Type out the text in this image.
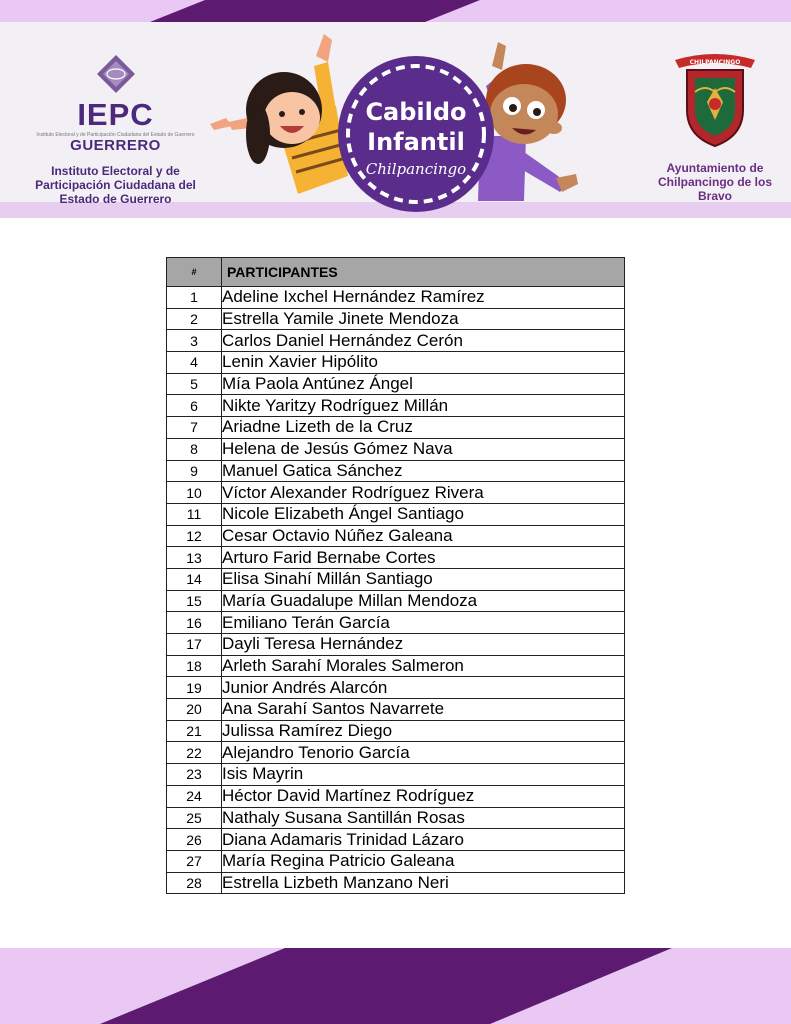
IEPC
Instituto Electoral y de Participación Ciudadana del Estado de Guerrero
GUERRERO
Instituto Electoral y de Participación Ciudadana del Estado de Guerrero
Cabildo
Infantil
Chilpancingo
CHILPANCINGO
Ayuntamiento de
Chilpancingo de los Bravo
#	PARTICIPANTES
1	Adeline Ixchel Hernández Ramírez
2	Estrella Yamile Jinete Mendoza
3	Carlos Daniel Hernández Cerón
4	Lenin Xavier Hipólito
5	Mía Paola Antúnez Ángel
6	Nikte Yaritzy Rodríguez Millán
7	Ariadne Lizeth de la Cruz
8	Helena de Jesús Gómez Nava
9	Manuel Gatica Sánchez
10	Víctor Alexander Rodríguez Rivera
11	Nicole Elizabeth Ángel Santiago
12	Cesar Octavio Núñez Galeana
13	Arturo Farid Bernabe Cortes
14	Elisa Sinahí Millán Santiago
15	María Guadalupe Millan Mendoza
16	Emiliano Terán García
17	Dayli Teresa Hernández
18	Arleth Sarahí Morales Salmeron
19	Junior Andrés Alarcón
20	Ana Sarahí Santos Navarrete
21	Julissa Ramírez Diego
22	Alejandro Tenorio García
23	Isis Mayrin
24	Héctor David Martínez Rodríguez
25	Nathaly Susana Santillán Rosas
26	Diana Adamaris Trinidad Lázaro
27	María Regina Patricio Galeana
28	Estrella Lizbeth Manzano Neri
